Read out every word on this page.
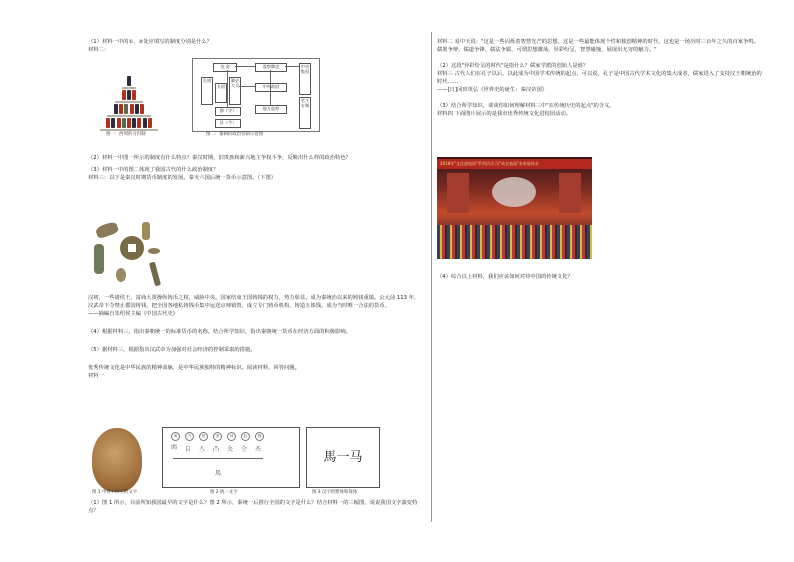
（1）材料一中的①、②处应填写的制度分别是什么？

材料二：

图一：西周的分封制
皇 帝	监察御史
丞相	御史大夫
太尉	中央政府
郡（守）	地方监察
县（令）
中央集权
君主专制
图二：秦朝的政治管制示意图

（2）材料一中图一所示的制度有什么特点？秦汉时期，旧贵族和新兴地主争权斗争，反映出什么样的政治特色？

（3）材料一中的图二体现了我国古代的什么政治制度？

材料三：以下是秦汉时期货币制度的发展。秦灭六国后统一货币示意图。（下图）

汉初，一些诸侯王、富商大贾操纵铸币之权，威胁中央。国家结束王国铸钱的权力，势力彰显。成为秦统治以来的铸钱重镇。公元前 113 年，汉武帝下令禁止郡国铸钱，把全国各地私铸钱币集中运送京师销毁，成立专门铸币机构，铸造五铢钱。成为当时唯一合法的货币。

——摘编自朱绍侯主编《中国古代史》

（4）根据材料三，指出秦朝统一的标准货币的名称。结合所学知识，指出秦朝统一货币在经济方面的积极影响。

（5）据材料三，根据指出汉武帝为加强对社会经济的控制采取的措施。

优秀传统文化是中华民族的精神命脉，是中华民族独特的精神标识。阅读材料，回答问题。

材料一

秦	齐	楚	燕	韩	赵	魏
𢊁 𠂤 亼 凸 仌 仝 丕
馬
馬一马
图 1 甲骨卜辞上的文字	图 2 统一文字	图 3 汉字的繁体和简体

（1）图 1 所示，目前所知我国最早的文字是什么？图 2 所示，秦统一后推行全国的文字是什么？结合材料一的三幅图，说说我国文字演变特点？

材料二 易中天说："这是一些闪烁着智慧光芒的思想，这是一些最能体现个性和独创精神的时代，这也是一场历时三百年之久的百家争鸣。儒墨争辩，儒道争锋，儒法争霸，可谓思想激荡，异彩纷呈，智慧碰撞，展现出无穷的魅力。"

（2）这段"异彩纷呈的时代"是指什么？儒家学派的创始人是谁？

材料三 古代人们在孔子以后，以此成为中国学术传统的起点，可以说，孔子是中国古代学术文化的集大成者，儒家进入了支持汉王朝统治的时代……

——[日]冈田英弘《世界史的诞生：秦汉帝国》

（3）结合所学知识，谈谈你如何理解材料三中"在传统历史的起点"的含义。

材料四 下面图片展示的是我市优秀传统文化进校园活动。

2018年"文化进校园"系列活动 汉"成长家园"未来展风采

（4）综合以上材料，我们应该如何对待中国的传统文化？
